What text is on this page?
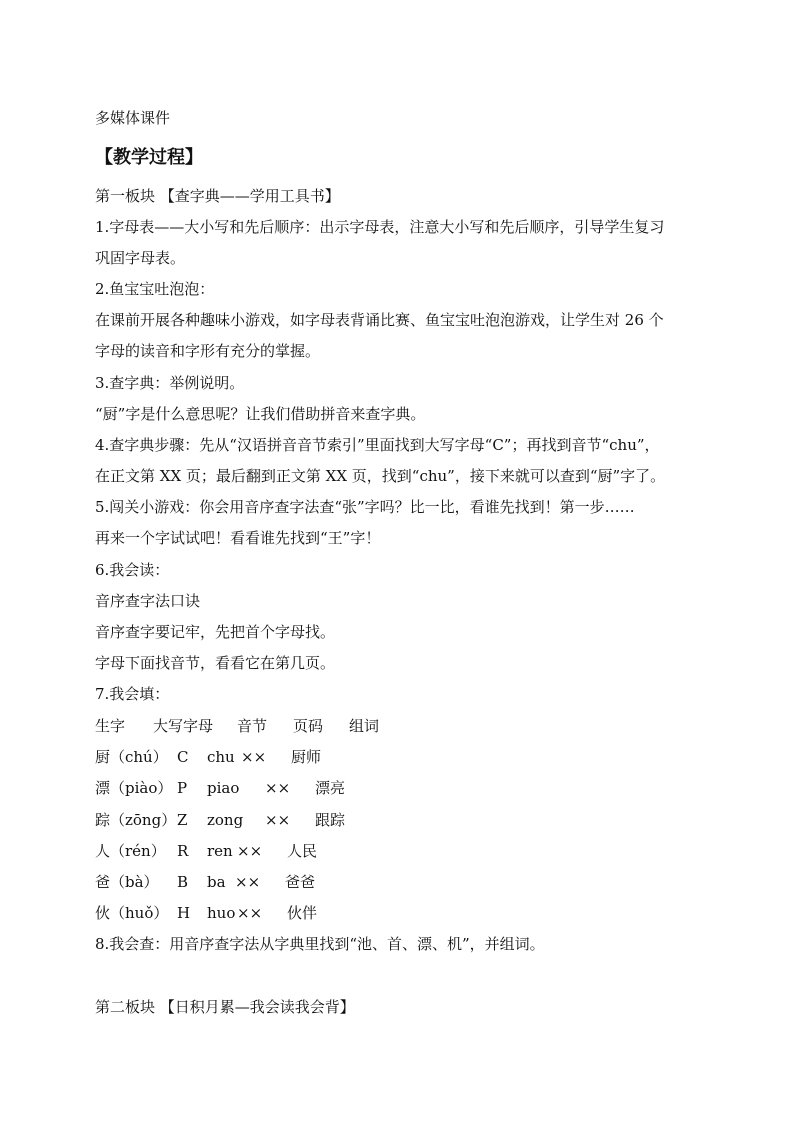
多媒体课件
【教学过程】
第一板块 【查字典——学用工具书】
1.字母表——大小写和先后顺序：出示字母表，注意大小写和先后顺序，引导学生复习
巩固字母表。
2.鱼宝宝吐泡泡：
在课前开展各种趣味小游戏，如字母表背诵比赛、鱼宝宝吐泡泡游戏，让学生对 26 个
字母的读音和字形有充分的掌握。
3.查字典：举例说明。
“厨”字是什么意思呢？让我们借助拼音来查字典。
4.查字典步骤：先从“汉语拼音音节索引”里面找到大写字母“C”；再找到音节“chu”，
在正文第 XX 页；最后翻到正文第 XX 页，找到“chu”，接下来就可以查到“厨”字了。
5.闯关小游戏：你会用音序查字法查“张”字吗？比一比，看谁先找到！第一步……
再来一个字试试吧！看看谁先找到“王”字！
6.我会读：
音序查字法口诀
音序查字要记牢，先把首个字母找。
字母下面找音节，看看它在第几页。
7.我会填：
生字 大写字母 音节 页码 组词
厨（chú） C chu ×× 厨师
漂（piào） P piao ×× 漂亮
踪（zōng）Z zong ×× 跟踪
人（rén） R ren ×× 人民
爸（bà） B ba ×× 爸爸
伙（huǒ） H huo ×× 伙伴
8.我会查：用音序查字法从字典里找到“池、首、漂、机”，并组词。
第二板块 【日积月累—我会读我会背】
